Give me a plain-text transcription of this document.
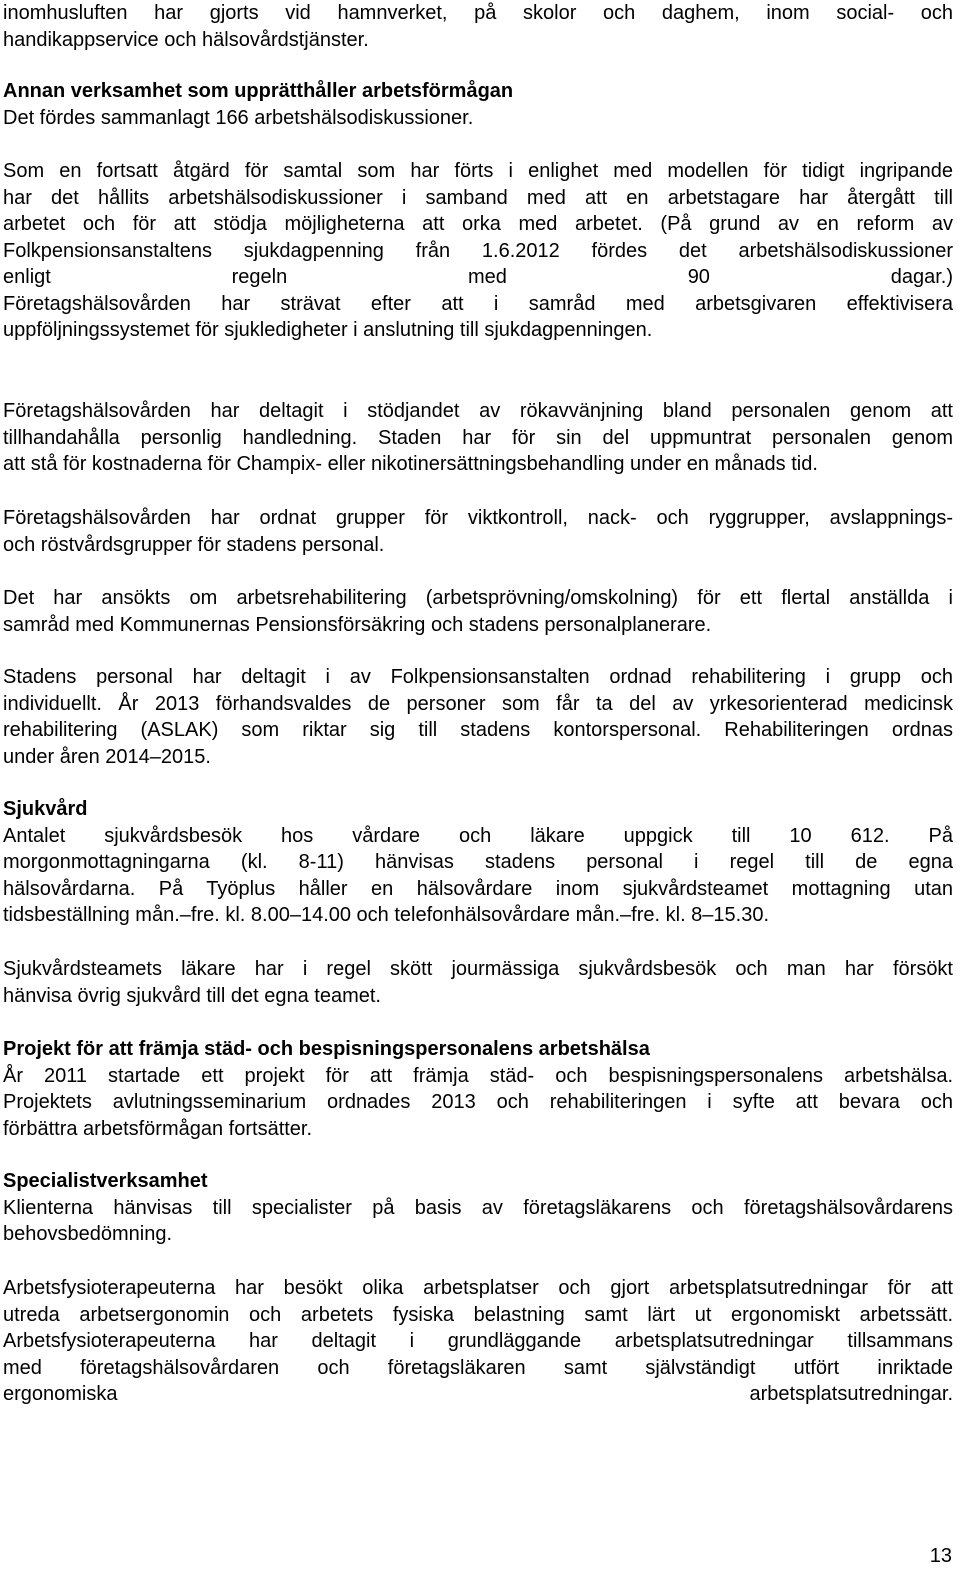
inomhusluften har gjorts vid hamnverket, på skolor och daghem, inom social- och
handikappservice och hälsovårdstjänster.

Annan verksamhet som upprätthåller arbetsförmågan

Det fördes sammanlagt 166 arbetshälsodiskussioner.

Som en fortsatt åtgärd för samtal som har förts i enlighet med modellen för tidigt ingripande
har det hållits arbetshälsodiskussioner i samband med att en arbetstagare har återgått till
arbetet och för att stödja möjligheterna att orka med arbetet. (På grund av en reform av
Folkpensionsanstaltens sjukdagpenning från 1.6.2012 fördes det arbetshälsodiskussioner
enligt regeln med 90 dagar.)
Företagshälsovården har strävat efter att i samråd med arbetsgivaren effektivisera
uppföljningssystemet för sjukledigheter i anslutning till sjukdagpenningen.

Företagshälsovården har deltagit i stödjandet av rökavvänjning bland personalen genom att
tillhandahålla personlig handledning. Staden har för sin del uppmuntrat personalen genom
att stå för kostnaderna för Champix- eller nikotinersättningsbehandling under en månads tid.

Företagshälsovården har ordnat grupper för viktkontroll, nack- och ryggrupper, avslappnings-
och röstvårdsgrupper för stadens personal.

Det har ansökts om arbetsrehabilitering (arbetsprövning/omskolning) för ett flertal anställda i
samråd med Kommunernas Pensionsförsäkring och stadens personalplanerare.

Stadens personal har deltagit i av Folkpensionsanstalten ordnad rehabilitering i grupp och
individuellt. År 2013 förhandsvaldes de personer som får ta del av yrkesorienterad medicinsk
rehabilitering (ASLAK) som riktar sig till stadens kontorspersonal. Rehabiliteringen ordnas
under åren 2014–2015.

Sjukvård

Antalet sjukvårdsbesök hos vårdare och läkare uppgick till 10 612. På
morgonmottagningarna (kl. 8-11) hänvisas stadens personal i regel till de egna
hälsovårdarna. På Työplus håller en hälsovårdare inom sjukvårdsteamet mottagning utan
tidsbeställning mån.–fre. kl. 8.00–14.00 och telefonhälsovårdare mån.–fre. kl. 8–15.30.

Sjukvårdsteamets läkare har i regel skött jourmässiga sjukvårdsbesök och man har försökt
hänvisa övrig sjukvård till det egna teamet.

Projekt för att främja städ- och bespisningspersonalens arbetshälsa

År 2011 startade ett projekt för att främja städ- och bespisningspersonalens arbetshälsa.
Projektets avlutningsseminarium ordnades 2013 och rehabiliteringen i syfte att bevara och
förbättra arbetsförmågan fortsätter.

Specialistverksamhet

Klienterna hänvisas till specialister på basis av företagsläkarens och företagshälsovårdarens
behovsbedömning.

Arbetsfysioterapeuterna har besökt olika arbetsplatser och gjort arbetsplatsutredningar för att
utreda arbetsergonomin och arbetets fysiska belastning samt lärt ut ergonomiskt arbetssätt.
Arbetsfysioterapeuterna har deltagit i grundläggande arbetsplatsutredningar tillsammans
med företagshälsovårdaren och företagsläkaren samt självständigt utfört inriktade
ergonomiska arbetsplatsutredningar.

13
